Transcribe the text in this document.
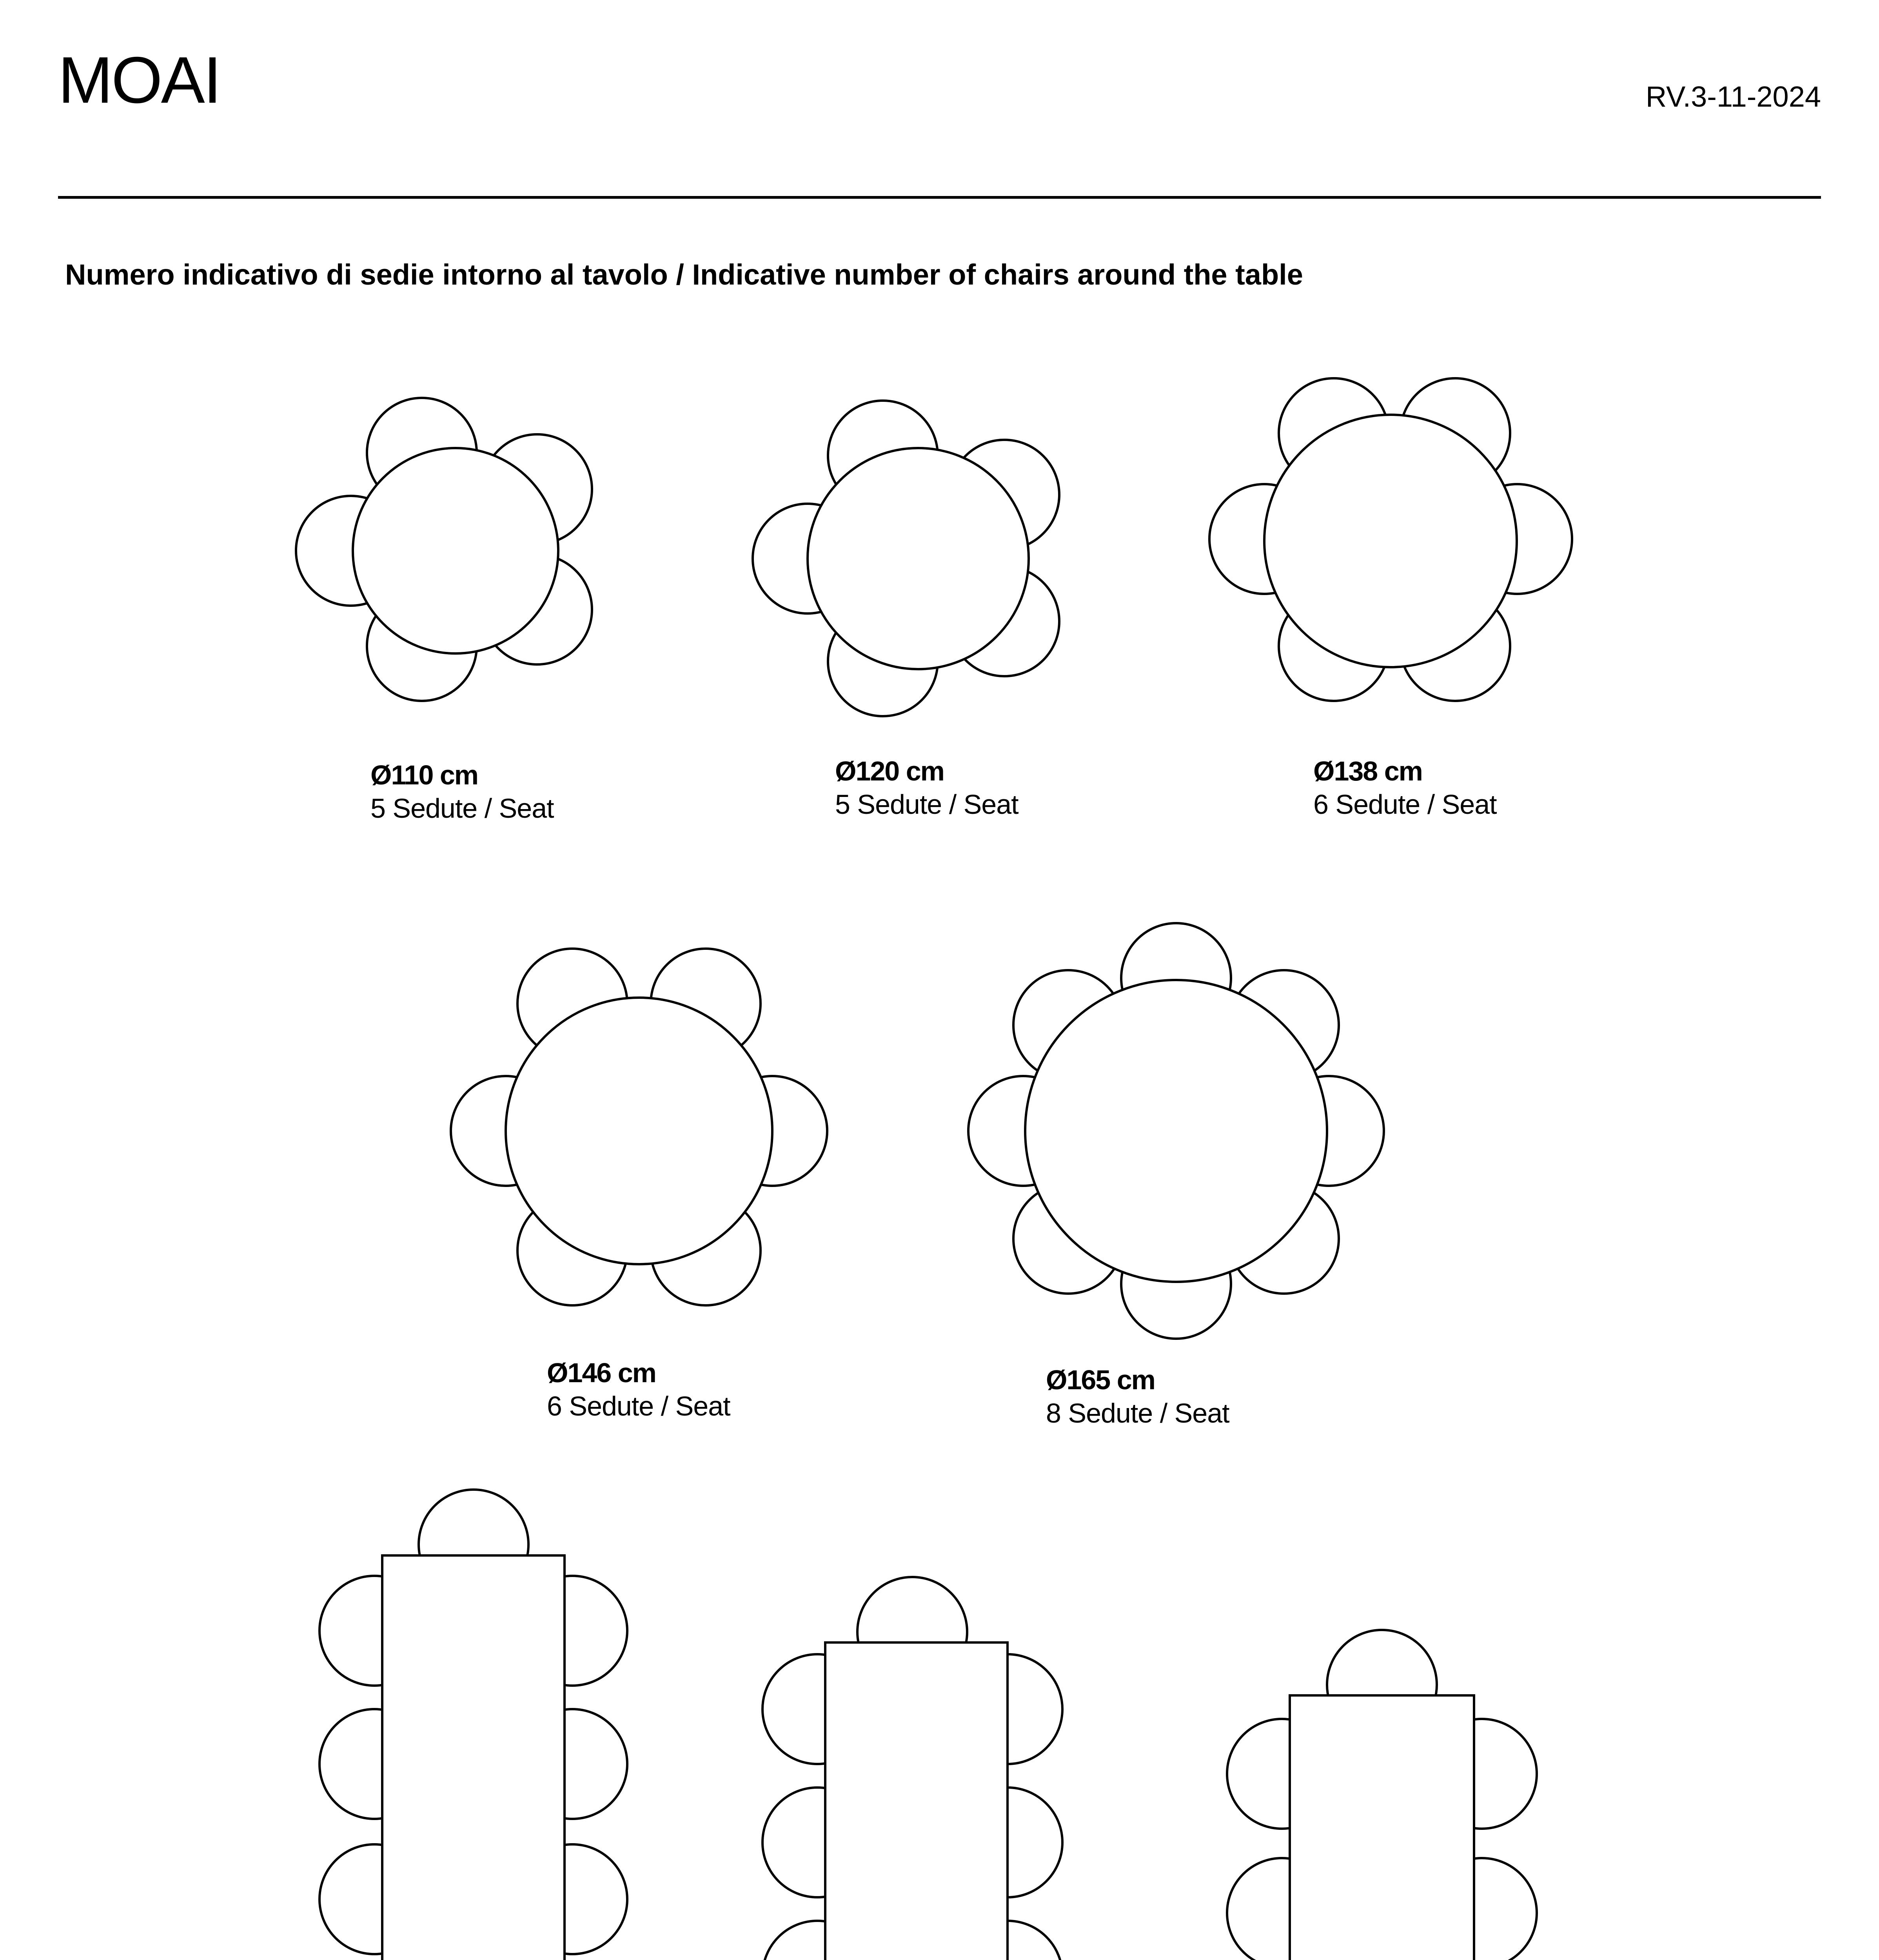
MOAI	RV.3-11-2024
Numero indicativo di sedie intorno al tavolo / Indicative number of chairs around the table
Ø110 cm
5 Sedute / Seat
Ø120 cm
5 Sedute / Seat
Ø138 cm
6 Sedute / Seat
Ø146 cm
6 Sedute / Seat
Ø165 cm
8 Sedute / Seat
